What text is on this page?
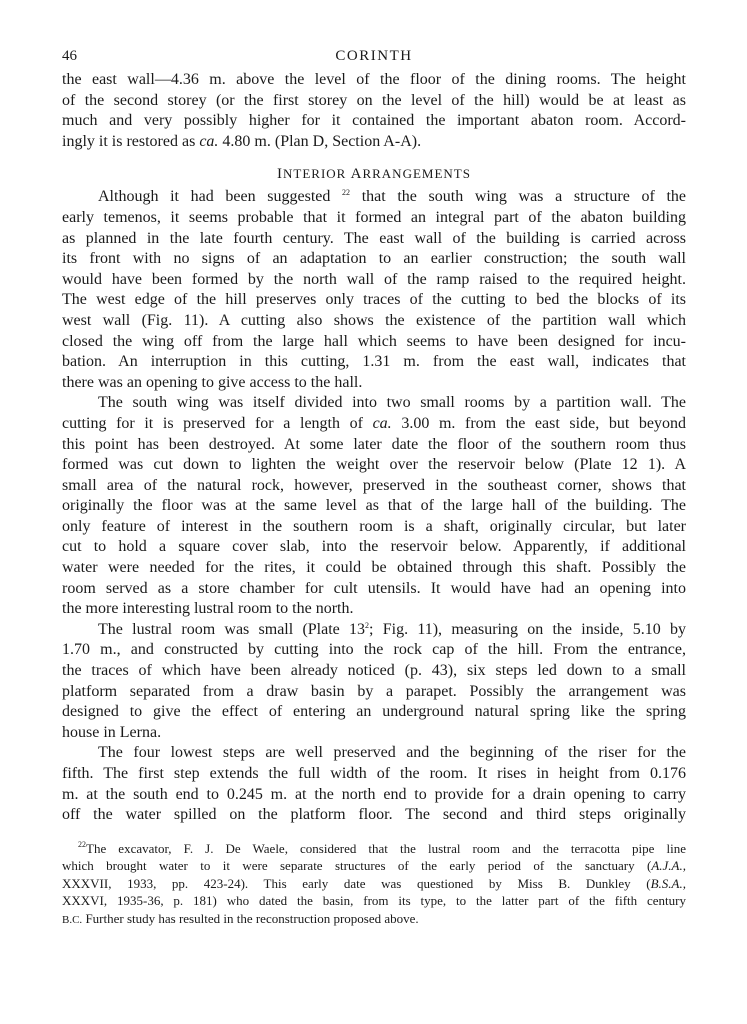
46	CORINTH
the east wall—4.36 m. above the level of the floor of the dining rooms. The height
of the second storey (or the first storey on the level of the hill) would be at least as
much and very possibly higher for it contained the important abaton room. Accord-
ingly it is restored as ca. 4.80 m. (Plan D, Section A-A).
INTERIOR ARRANGEMENTS
Although it had been suggested $^{22}$ that the south wing was a structure of the
early temenos, it seems probable that it formed an integral part of the abaton building
as planned in the late fourth century. The east wall of the building is carried across
its front with no signs of an adaptation to an earlier construction; the south wall
would have been formed by the north wall of the ramp raised to the required height.
The west edge of the hill preserves only traces of the cutting to bed the blocks of its
west wall (Fig. 11). A cutting also shows the existence of the partition wall which
closed the wing off from the large hall which seems to have been designed for incu-
bation. An interruption in this cutting, 1.31 m. from the east wall, indicates that
there was an opening to give access to the hall.
The south wing was itself divided into two small rooms by a partition wall. The
cutting for it is preserved for a length of ca. 3.00 m. from the east side, but beyond
this point has been destroyed. At some later date the floor of the southern room thus
formed was cut down to lighten the weight over the reservoir below (Plate 12 1). A
small area of the natural rock, however, preserved in the southeast corner, shows that
originally the floor was at the same level as that of the large hall of the building. The
only feature of interest in the southern room is a shaft, originally circular, but later
cut to hold a square cover slab, into the reservoir below. Apparently, if additional
water were needed for the rites, it could be obtained through this shaft. Possibly the
room served as a store chamber for cult utensils. It would have had an opening into
the more interesting lustral room to the north.
The lustral room was small (Plate $13^2$; Fig. 11), measuring on the inside, 5.10 by
1.70 m., and constructed by cutting into the rock cap of the hill. From the entrance,
the traces of which have been already noticed (p. 43), six steps led down to a small
platform separated from a draw basin by a parapet. Possibly the arrangement was
designed to give the effect of entering an underground natural spring like the spring
house in Lerna.
The four lowest steps are well preserved and the beginning of the riser for the
fifth. The first step extends the full width of the room. It rises in height from 0.176
m. at the south end to 0.245 m. at the north end to provide for a drain opening to carry
off the water spilled on the platform floor. The second and third steps originally
$^{22}$The excavator, F. J. De Waele, considered that the lustral room and the terracotta pipe line
which brought water to it were separate structures of the early period of the sanctuary (A.J.A.,
XXXVII, 1933, pp. 423-24). This early date was questioned by Miss B. Dunkley (B.S.A.,
XXXVI, 1935-36, p. 181) who dated the basin, from its type, to the latter part of the fifth century
B.C. Further study has resulted in the reconstruction proposed above.
